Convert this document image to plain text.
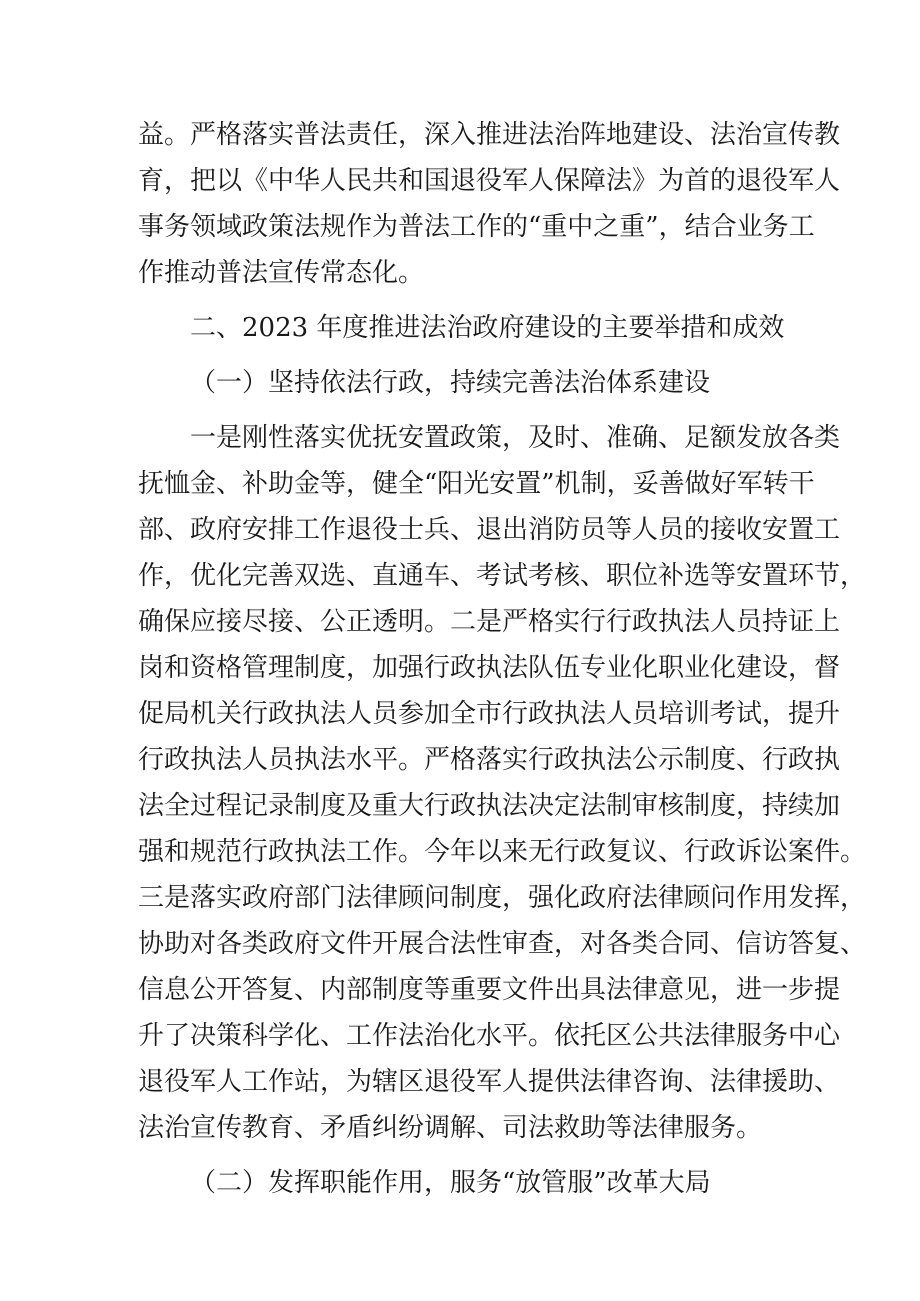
益。严格落实普法责任，深入推进法治阵地建设、法治宣传教
育，把以《中华人民共和国退役军人保障法》为首的退役军人
事务领域政策法规作为普法工作的“重中之重”，结合业务工
作推动普法宣传常态化。
二、2023 年度推进法治政府建设的主要举措和成效
（一）坚持依法行政，持续完善法治体系建设
一是刚性落实优抚安置政策，及时、准确、足额发放各类
抚恤金、补助金等，健全“阳光安置”机制，妥善做好军转干
部、政府安排工作退役士兵、退出消防员等人员的接收安置工
作，优化完善双选、直通车、考试考核、职位补选等安置环节，
确保应接尽接、公正透明。二是严格实行行政执法人员持证上
岗和资格管理制度，加强行政执法队伍专业化职业化建设，督
促局机关行政执法人员参加全市行政执法人员培训考试，提升
行政执法人员执法水平。严格落实行政执法公示制度、行政执
法全过程记录制度及重大行政执法决定法制审核制度，持续加
强和规范行政执法工作。今年以来无行政复议、行政诉讼案件。
三是落实政府部门法律顾问制度，强化政府法律顾问作用发挥，
协助对各类政府文件开展合法性审查，对各类合同、信访答复、
信息公开答复、内部制度等重要文件出具法律意见，进一步提
升了决策科学化、工作法治化水平。依托区公共法律服务中心
退役军人工作站，为辖区退役军人提供法律咨询、法律援助、
法治宣传教育、矛盾纠纷调解、司法救助等法律服务。
（二）发挥职能作用，服务“放管服”改革大局
